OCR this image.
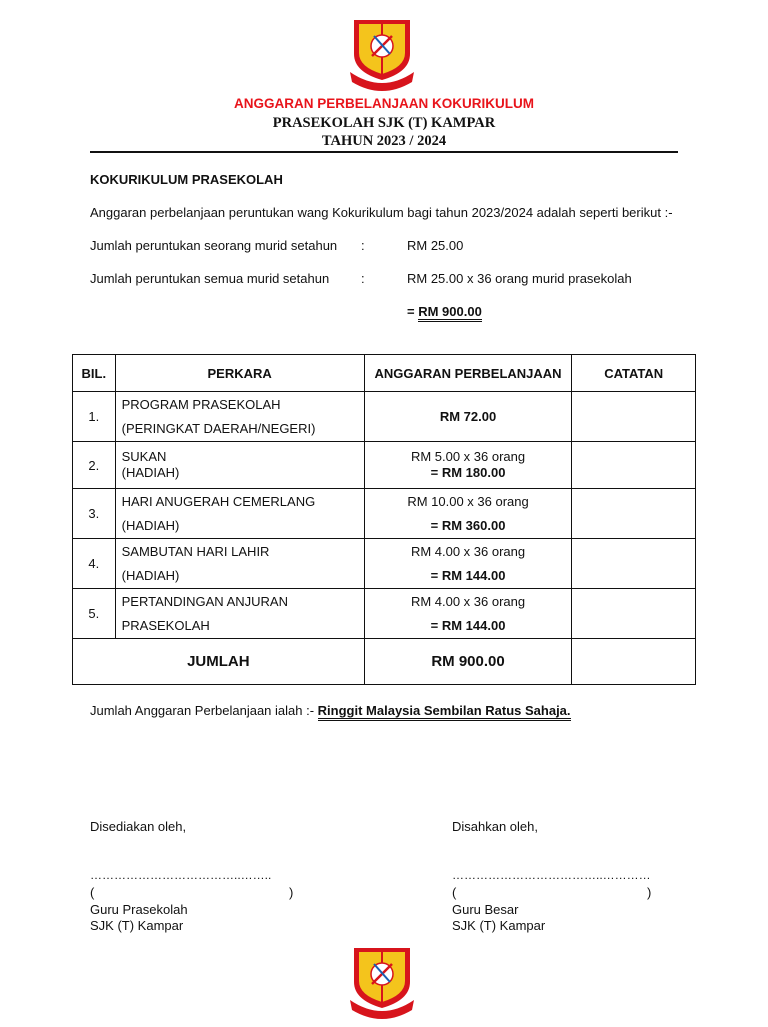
ANGGARAN PERBELANJAAN KOKURIKULUM
PRASEKOLAH SJK (T) KAMPAR
TAHUN 2023 / 2024
KOKURIKULUM PRASEKOLAH
Anggaran perbelanjaan peruntukan wang Kokurikulum bagi tahun 2023/2024 adalah seperti berikut :-
Jumlah peruntukan seorang murid setahun :	RM 25.00
Jumlah peruntukan semua murid setahun :	RM 25.00 x 36 orang murid prasekolah
= RM 900.00
BIL.	PERKARA	ANGGARAN PERBELANJAAN	CATATAN
1.	PROGRAM PRASEKOLAH
(PERINGKAT DAERAH/NEGERI)	RM 72.00	
2.	SUKAN
(HADIAH)	RM 5.00 x 36 orang
= RM 180.00	

3.	HARI ANUGERAH CEMERLANG
(HADIAH)	RM 10.00 x 36 orang
= RM 360.00	

4.	SAMBUTAN HARI LAHIR
(HADIAH)	RM 4.00 x 36 orang
= RM 144.00	

5.	PERTANDINGAN ANJURAN
PRASEKOLAH	RM 4.00 x 36 orang
= RM 144.00	

JUMLAH		RM 900.00	
Jumlah Anggaran Perbelanjaan ialah :- Ringgit Malaysia Sembilan Ratus Sahaja.
Disediakan oleh,
………………………………..……..
(	)
Guru Prasekolah
SJK (T) Kampar
Disahkan oleh,
………………………………..…………
(	)
Guru Besar
SJK (T) Kampar
